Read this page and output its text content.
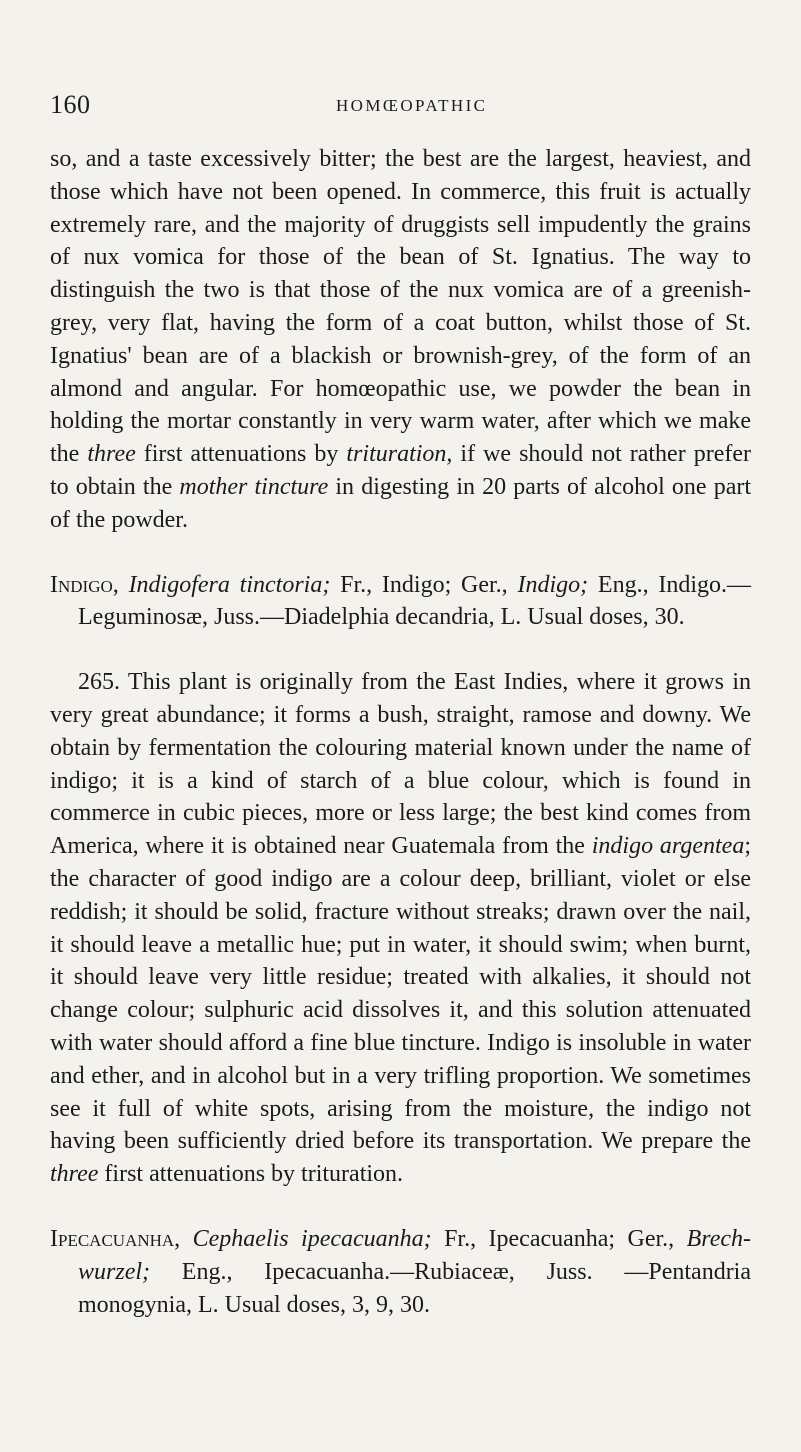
160	HOMŒOPATHIC

so, and a taste excessively bitter; the best are the largest, heaviest, and those which have not been opened. In commerce, this fruit is actually extremely rare, and the majority of druggists sell impudently the grains of nux vomica for those of the bean of St. Ignatius. The way to distinguish the two is that those of the nux vomica are of a greenish-grey, very flat, having the form of a coat button, whilst those of St. Ignatius' bean are of a blackish or brownish-grey, of the form of an almond and angular. For homœopathic use, we powder the bean in holding the mortar constantly in very warm water, after which we make the three first attenuations by trituration, if we should not rather prefer to obtain the mother tincture in digesting in 20 parts of alcohol one part of the powder.

Indigo, Indigofera tinctoria; Fr., Indigo; Ger., Indigo; Eng., Indigo.—Leguminosæ, Juss.—Diadelphia decandria, L. Usual doses, 30.

265. This plant is originally from the East Indies, where it grows in very great abundance; it forms a bush, straight, ramose and downy. We obtain by fermentation the colouring material known under the name of indigo; it is a kind of starch of a blue colour, which is found in commerce in cubic pieces, more or less large; the best kind comes from America, where it is obtained near Guatemala from the indigo argentea; the character of good indigo are a colour deep, brilliant, violet or else reddish; it should be solid, fracture without streaks; drawn over the nail, it should leave a metallic hue; put in water, it should swim; when burnt, it should leave very little residue; treated with alkalies, it should not change colour; sulphuric acid dissolves it, and this solution attenuated with water should afford a fine blue tincture. Indigo is insoluble in water and ether, and in alcohol but in a very trifling proportion. We sometimes see it full of white spots, arising from the moisture, the indigo not having been sufficiently dried before its transportation. We prepare the three first attenuations by trituration.

Ipecacuanha, Cephaelis ipecacuanha; Fr., Ipecacuanha; Ger., Brech-wurzel; Eng., Ipecacuanha.—Rubiaceæ, Juss. —Pentandria monogynia, L. Usual doses, 3, 9, 30.
